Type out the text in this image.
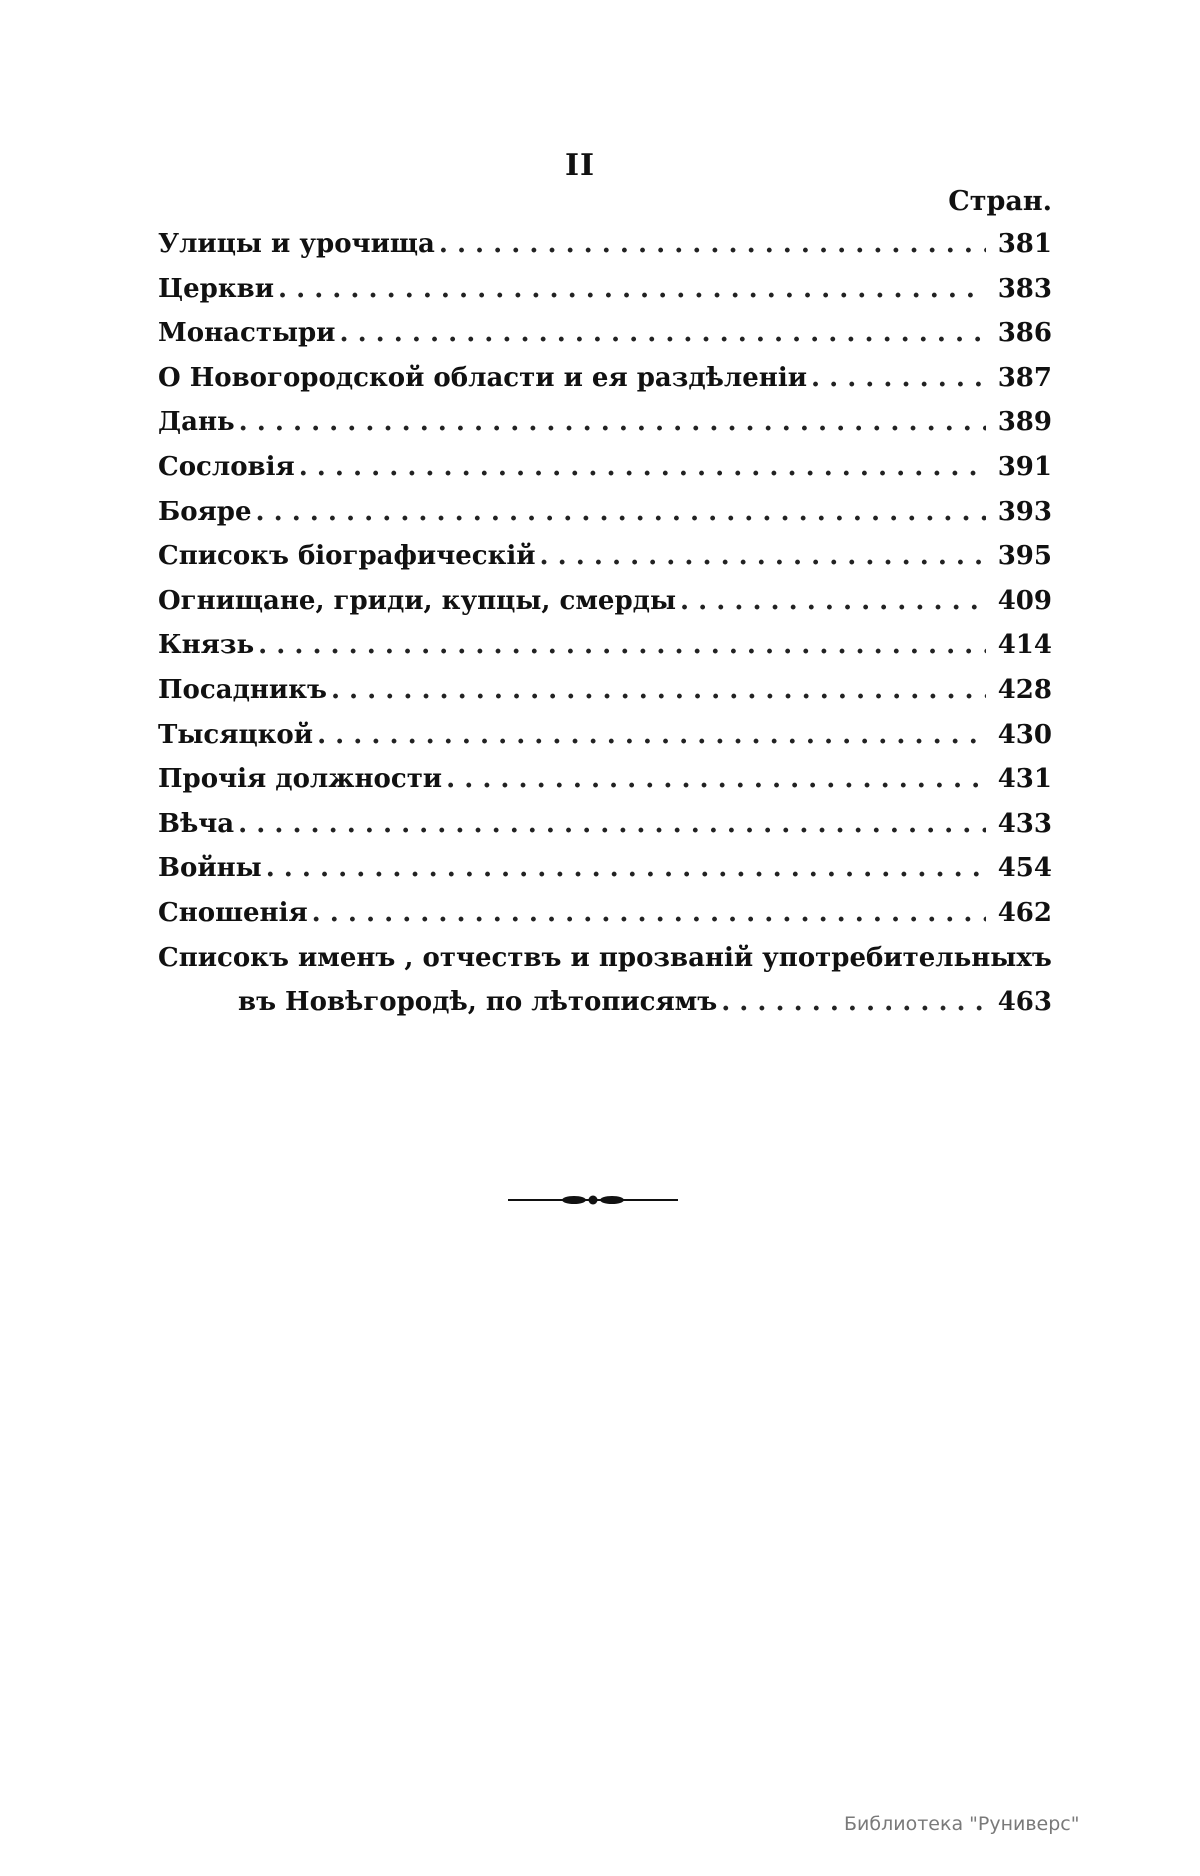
II
Стран.
Улицы и урочища . . .	381
Церкви . . .	383
Монастыри . . .	386
О Новогородской области и ея раздѣленіи . . .	387
Дань . . .	389
Сословія . . .	391
Бояре . . .	393
Списокъ біографическій . . .	395
Огнищане, гриди, купцы, смерды . . .	409
Князь . . .	414
Посадникъ . . .	428
Тысяцкой . . .	430
Прочія должности . . .	431
Вѣча . . .	433
Войны . . .	454
Сношенія . . .	462
Списокъ именъ , отчествъ и прозваній употребительныхъ
въ Новѣгородѣ, по лѣтописямъ . . .	463
Библиотека "Руниверс"
